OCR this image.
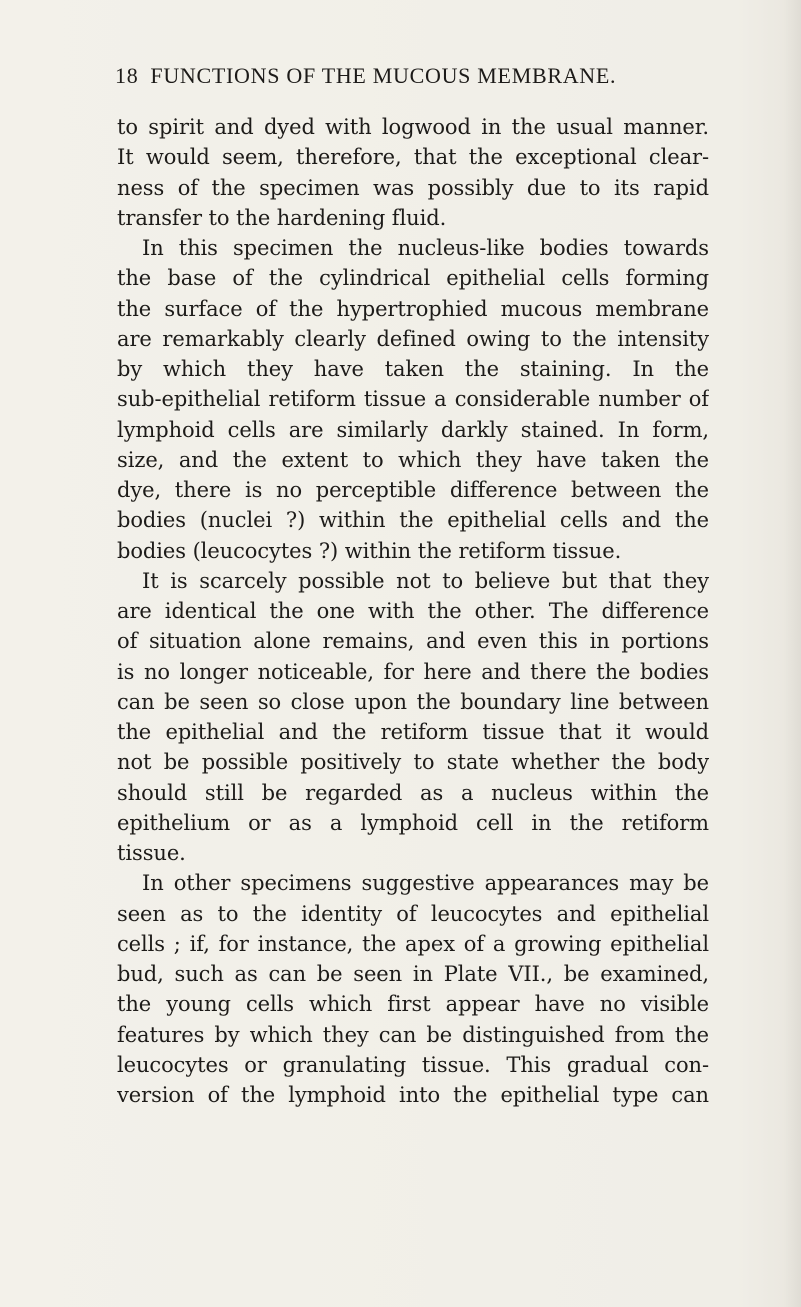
18 FUNCTIONS OF THE MUCOUS MEMBRANE.
to spirit and dyed with logwood in the usual manner.
It would seem, therefore, that the exceptional clear-
ness of the specimen was possibly due to its rapid
transfer to the hardening fluid.
In this specimen the nucleus-like bodies towards
the base of the cylindrical epithelial cells forming
the surface of the hypertrophied mucous membrane
are remarkably clearly defined owing to the intensity
by which they have taken the staining. In the
sub-epithelial retiform tissue a considerable number of
lymphoid cells are similarly darkly stained. In form,
size, and the extent to which they have taken the
dye, there is no perceptible difference between the
bodies (nuclei ?) within the epithelial cells and the
bodies (leucocytes ?) within the retiform tissue.
It is scarcely possible not to believe but that they
are identical the one with the other. The difference
of situation alone remains, and even this in portions
is no longer noticeable, for here and there the bodies
can be seen so close upon the boundary line between
the epithelial and the retiform tissue that it would
not be possible positively to state whether the body
should still be regarded as a nucleus within the
epithelium or as a lymphoid cell in the retiform
tissue.
In other specimens suggestive appearances may be
seen as to the identity of leucocytes and epithelial
cells ; if, for instance, the apex of a growing epithelial
bud, such as can be seen in Plate VII., be examined,
the young cells which first appear have no visible
features by which they can be distinguished from the
leucocytes or granulating tissue. This gradual con-
version of the lymphoid into the epithelial type can
